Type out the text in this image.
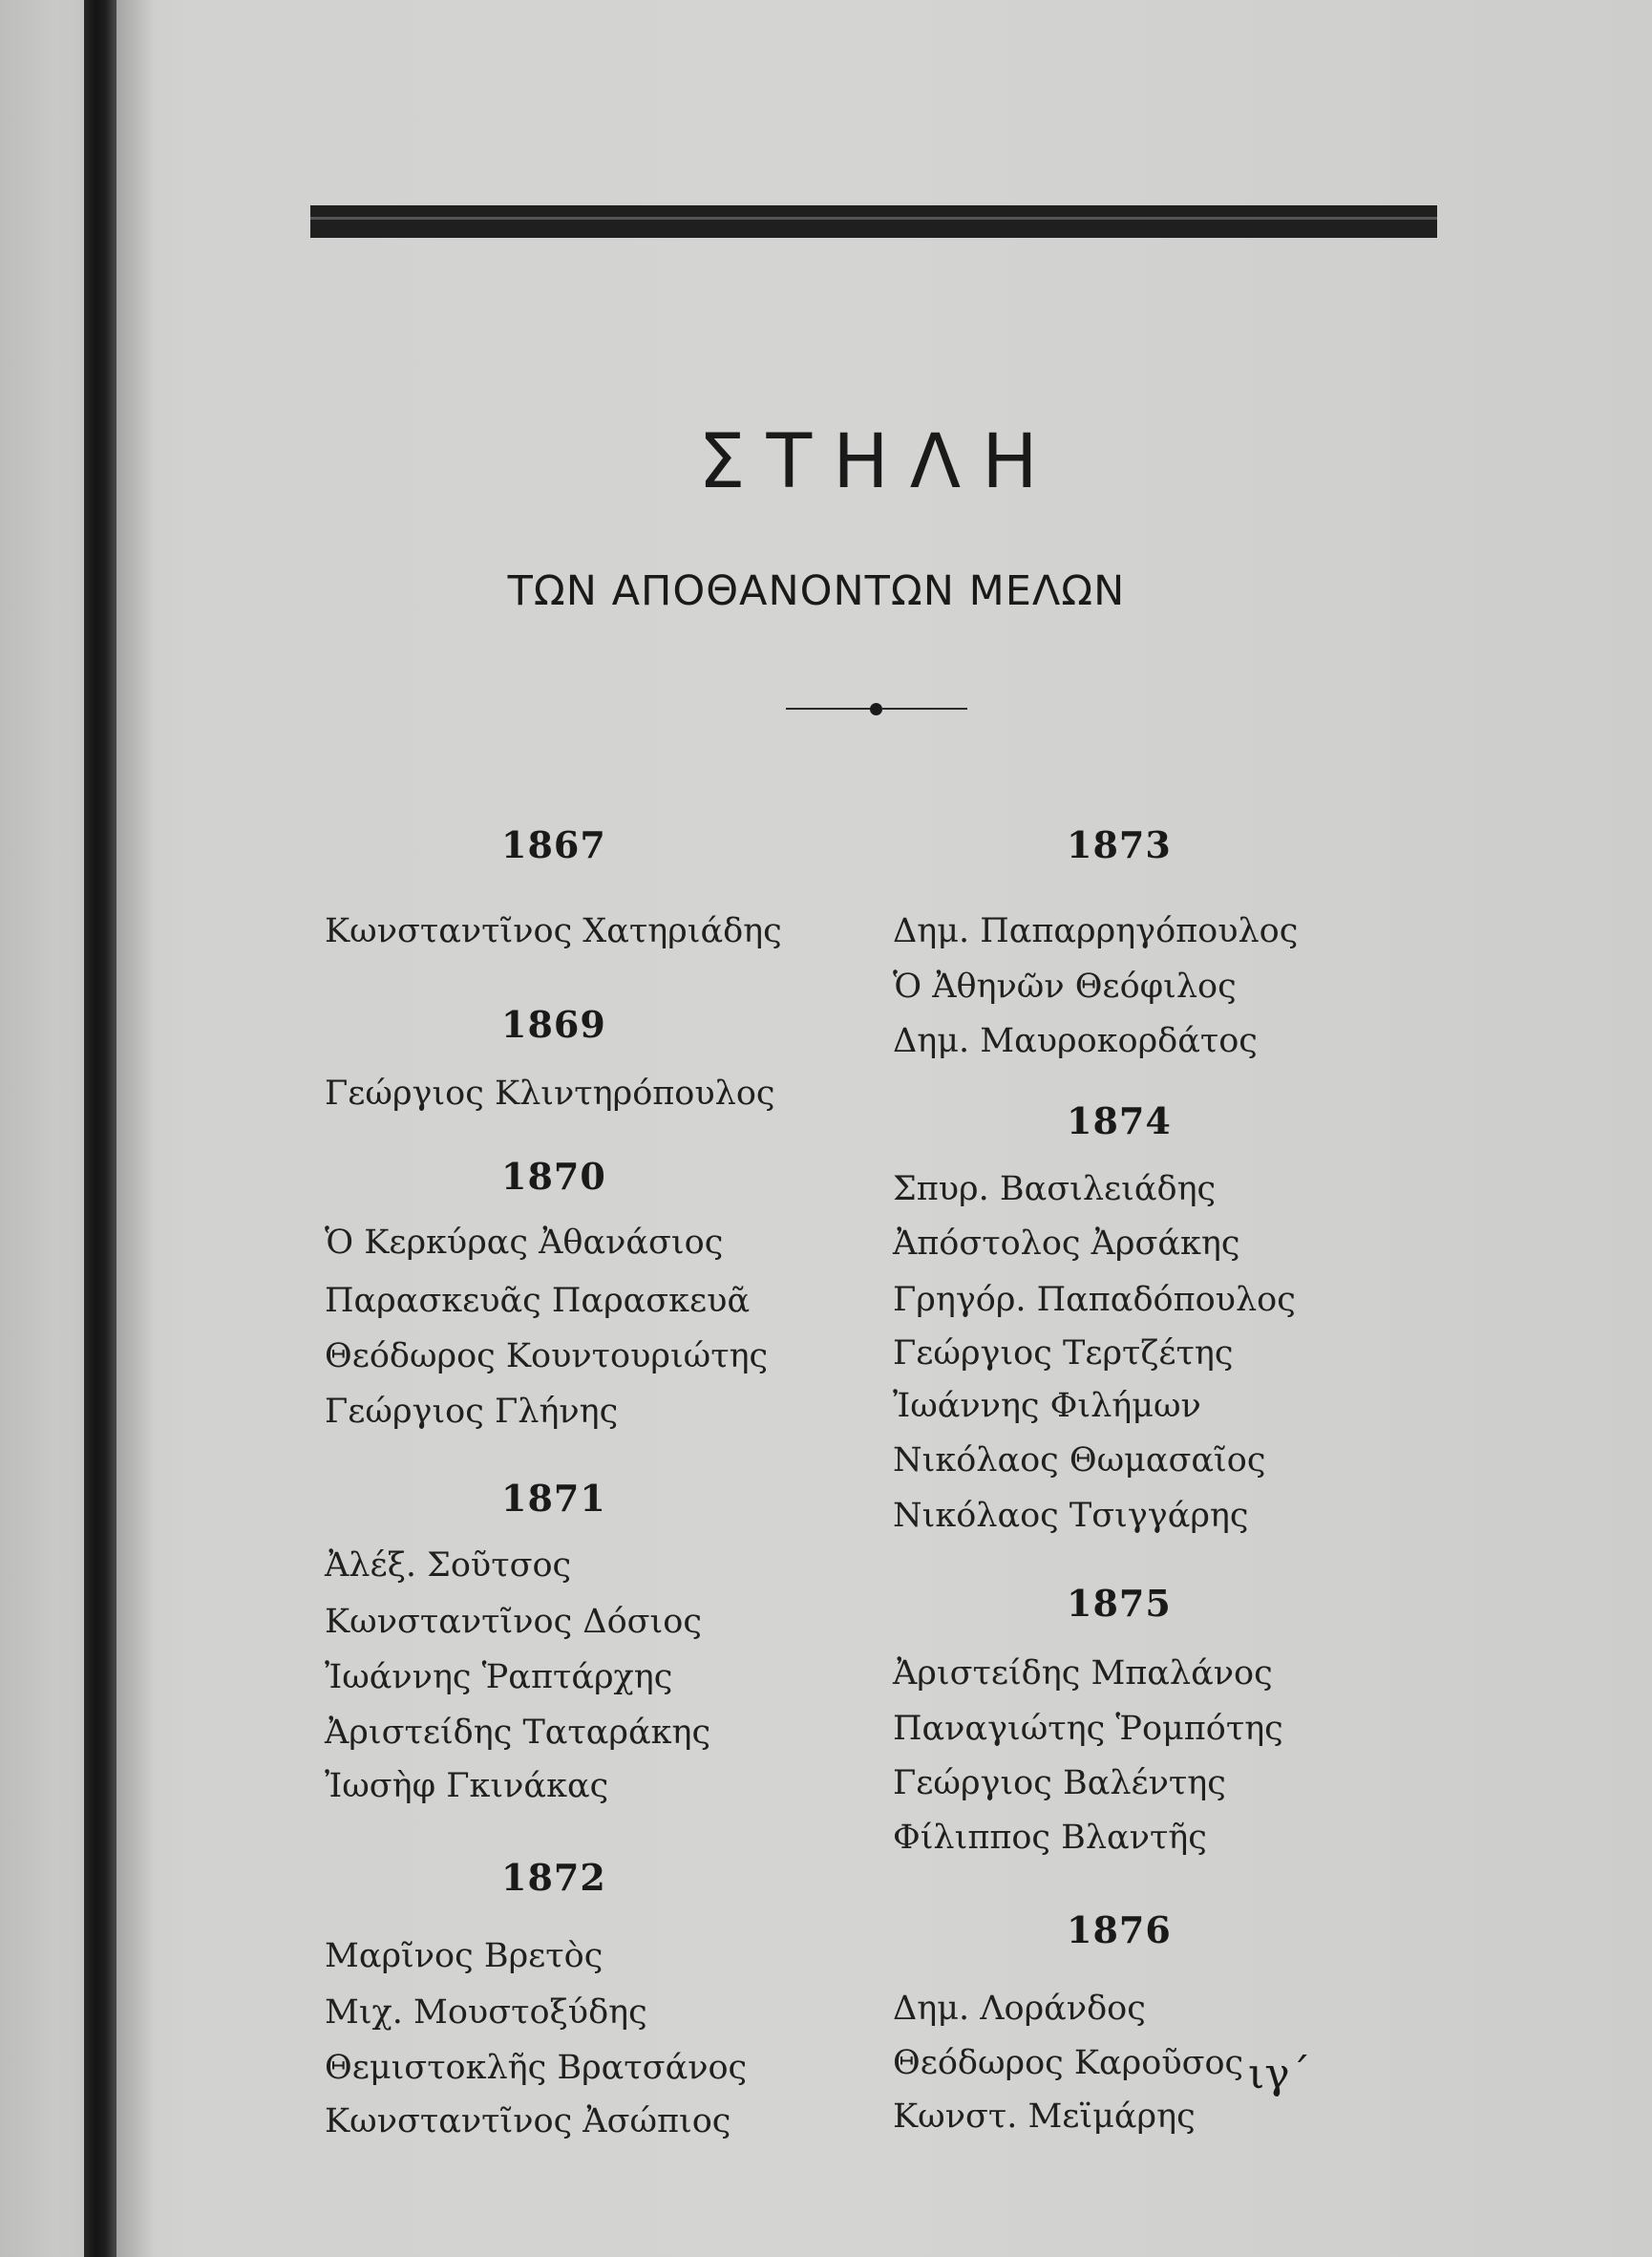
ΣΤΗΛΗ
ΤΩΝ ΑΠΟΘΑΝΟΝΤΩΝ ΜΕΛΩΝ
1867
Κωνσταντῖνος Χατηριάδης
1869
Γεώργιος Κλιντηρόπουλος
1870
Ὁ Κερκύρας Ἀθανάσιος
Παρασκευᾶς Παρασκευᾶ
Θεόδωρος Κουντουριώτης
Γεώργιος Γλήνης
1871
Ἀλέξ. Σοῦτσος
Κωνσταντῖνος Δόσιος
Ἰωάννης Ῥαπτάρχης
Ἀριστείδης Ταταράκης
Ἰωσὴφ Γκινάκας
1872
Μαρῖνος Βρετὸς
Μιχ. Μουστοξύδης
Θεμιστοκλῆς Βρατσάνος
Κωνσταντῖνος Ἀσώπιος
1873
Δημ. Παπαρρηγόπουλος
Ὁ Ἀθηνῶν Θεόφιλος
Δημ. Μαυροκορδάτος
1874
Σπυρ. Βασιλειάδης
Ἀπόστολος Ἀρσάκης
Γρηγόρ. Παπαδόπουλος
Γεώργιος Τερτζέτης
Ἰωάννης Φιλήμων
Νικόλαος Θωμασαῖος
Νικόλαος Τσιγγάρης
1875
Ἀριστείδης Μπαλάνος
Παναγιώτης Ῥομπότης
Γεώργιος Βαλέντης
Φίλιππος Βλαντῆς
1876
Δημ. Λοράνδος
Θεόδωρος Καροῦσος
Κωνστ. Μεϊμάρης
ιγ΄
